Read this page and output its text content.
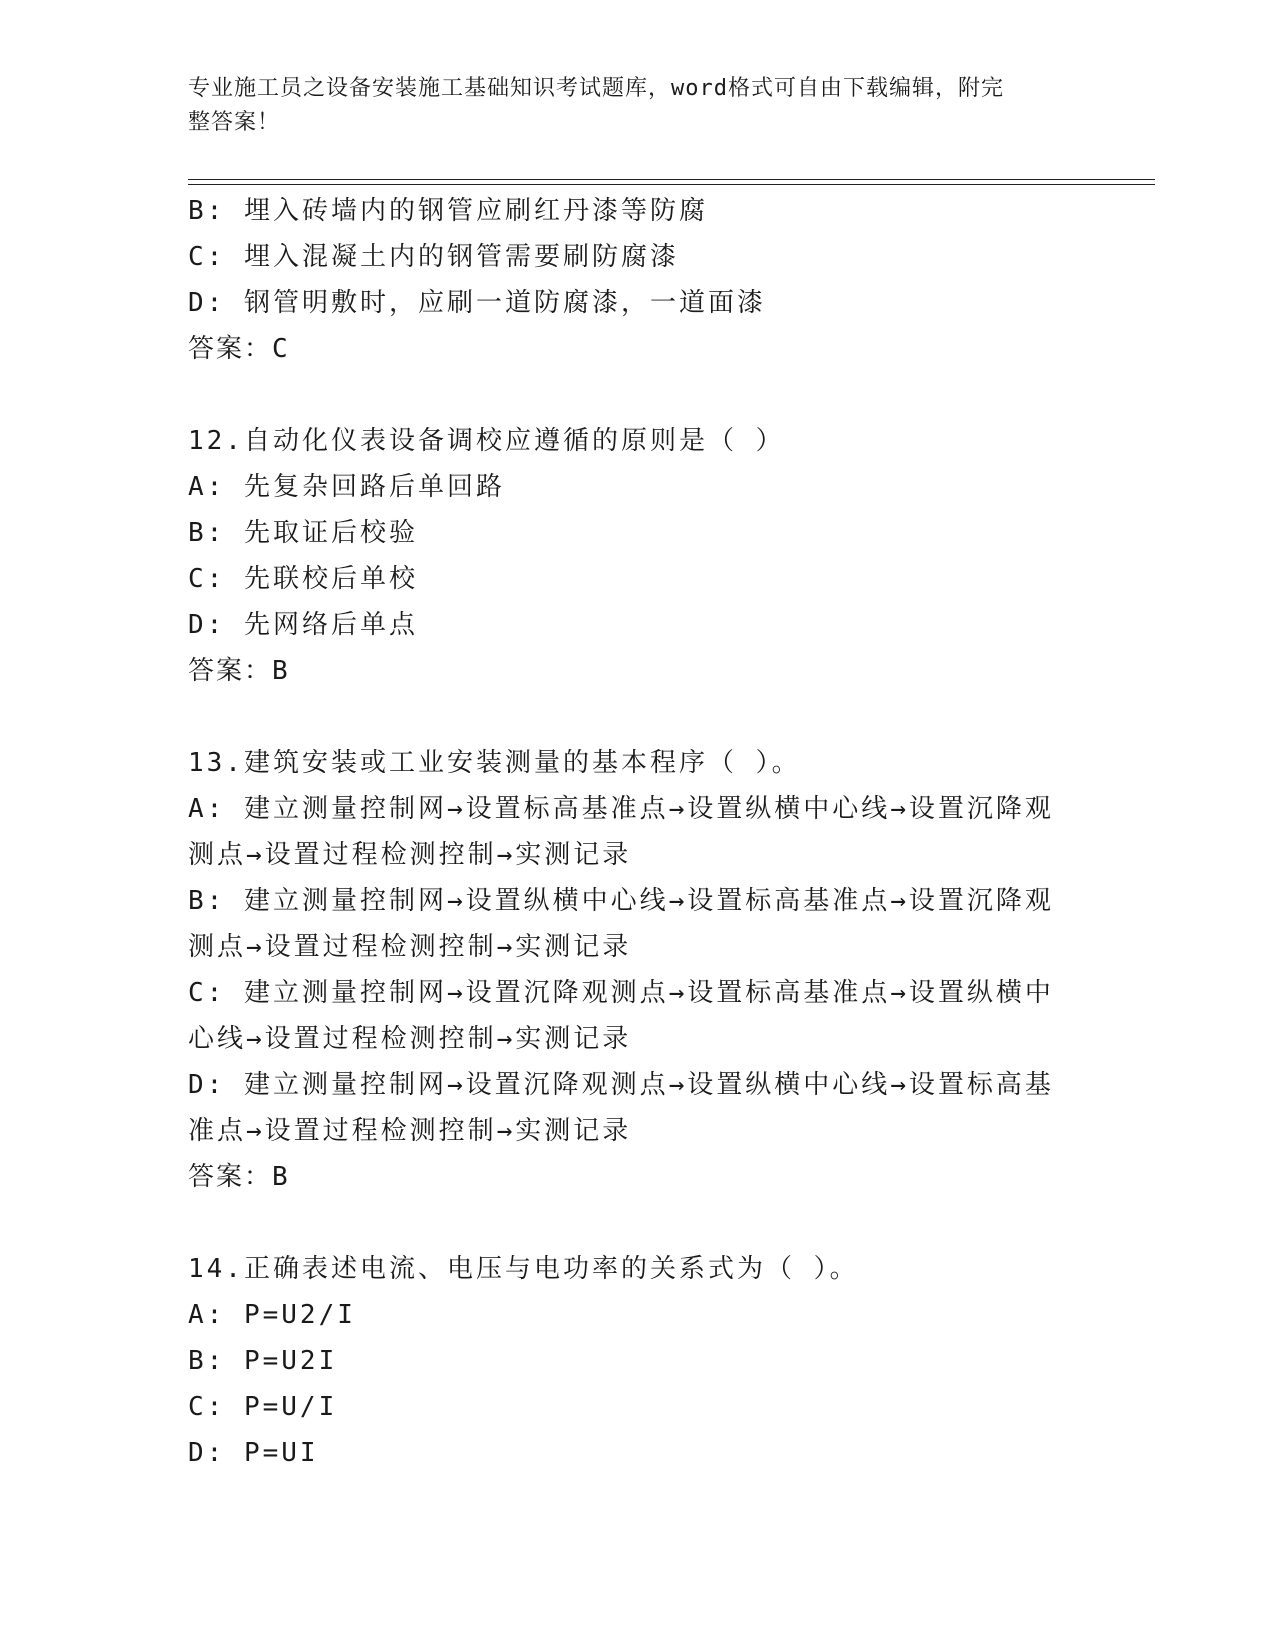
专业施工员之设备安装施工基础知识考试题库，word格式可自由下载编辑，附完
整答案！
B: 埋入砖墙内的钢管应刷红丹漆等防腐
C: 埋入混凝土内的钢管需要刷防腐漆
D: 钢管明敷时，应刷一道防腐漆，一道面漆
答案：C
12.自动化仪表设备调校应遵循的原则是（ ）
A: 先复杂回路后单回路
B: 先取证后校验
C: 先联校后单校
D: 先网络后单点
答案：B
13.建筑安装或工业安装测量的基本程序（ ）。
A: 建立测量控制网→设置标高基准点→设置纵横中心线→设置沉降观
测点→设置过程检测控制→实测记录
B: 建立测量控制网→设置纵横中心线→设置标高基准点→设置沉降观
测点→设置过程检测控制→实测记录
C: 建立测量控制网→设置沉降观测点→设置标高基准点→设置纵横中
心线→设置过程检测控制→实测记录
D: 建立测量控制网→设置沉降观测点→设置纵横中心线→设置标高基
准点→设置过程检测控制→实测记录
答案：B
14.正确表述电流、电压与电功率的关系式为（ ）。
A: P=U2/I
B: P=U2I
C: P=U/I
D: P=UI
